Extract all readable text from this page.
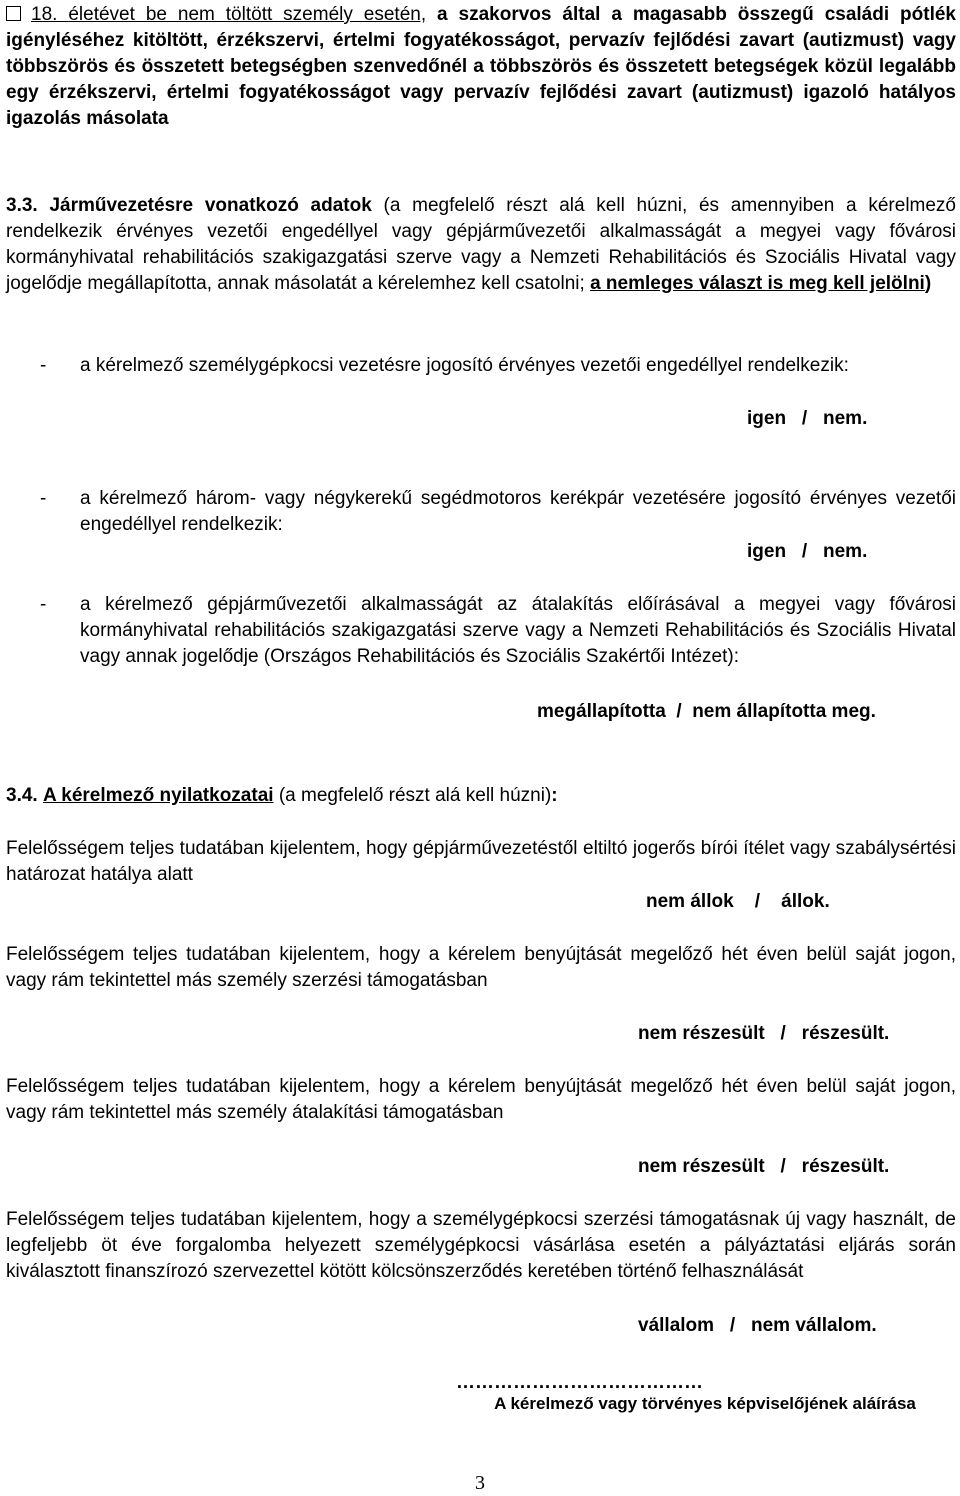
18. életévet be nem töltött személy esetén, a szakorvos által a magasabb összegű családi pótlék igényléséhez kitöltött, érzékszervi, értelmi fogyatékosságot, pervazív fejlődési zavart (autizmust) vagy többszörös és összetett betegségben szenvedőnél a többszörös és összetett betegségek közül legalább egy érzékszervi, értelmi fogyatékosságot vagy pervazív fejlődési zavart (autizmust) igazoló hatályos igazolás másolata

3.3. Járművezetésre vonatkozó adatok (a megfelelő részt alá kell húzni, és amennyiben a kérelmező rendelkezik érvényes vezetői engedéllyel vagy gépjárművezetői alkalmasságát a megyei vagy fővárosi kormányhivatal rehabilitációs szakigazgatási szerve vagy a Nemzeti Rehabilitációs és Szociális Hivatal vagy jogelődje megállapította, annak másolatát a kérelemhez kell csatolni; a nemleges választ is meg kell jelölni)

- a kérelmező személygépkocsi vezetésre jogosító érvényes vezetői engedéllyel rendelkezik:

igen   /   nem.
- a kérelmező három- vagy négykerekű segédmotoros kerékpár vezetésére jogosító érvényes vezetői engedéllyel rendelkezik:

igen   /   nem.
- a kérelmező gépjárművezetői alkalmasságát az átalakítás előírásával a megyei vagy fővárosi kormányhivatal rehabilitációs szakigazgatási szerve vagy a Nemzeti Rehabilitációs és Szociális Hivatal vagy annak jogelődje (Országos Rehabilitációs és Szociális Szakértői Intézet):

megállapította  /  nem állapította meg.

3.4. A kérelmező nyilatkozatai (a megfelelő részt alá kell húzni):

Felelősségem teljes tudatában kijelentem, hogy gépjárművezetéstől eltiltó jogerős bírói ítélet vagy szabálysértési határozat hatálya alatt

nem állok    /    állok.

Felelősségem teljes tudatában kijelentem, hogy a kérelem benyújtását megelőző hét éven belül saját jogon, vagy rám tekintettel más személy szerzési támogatásban

nem részesült   /   részesült.

Felelősségem teljes tudatában kijelentem, hogy a kérelem benyújtását megelőző hét éven belül saját jogon, vagy rám tekintettel más személy átalakítási támogatásban

nem részesült   /   részesült.

Felelősségem teljes tudatában kijelentem, hogy a személygépkocsi szerzési támogatásnak új vagy használt, de legfeljebb öt éve forgalomba helyezett személygépkocsi vásárlása esetén a pályáztatási eljárás során kiválasztott finanszírozó szervezettel kötött kölcsönszerződés keretében történő felhasználását

vállalom   /   nem vállalom.
…………………………………
A kérelmező vagy törvényes képviselőjének aláírása
3
